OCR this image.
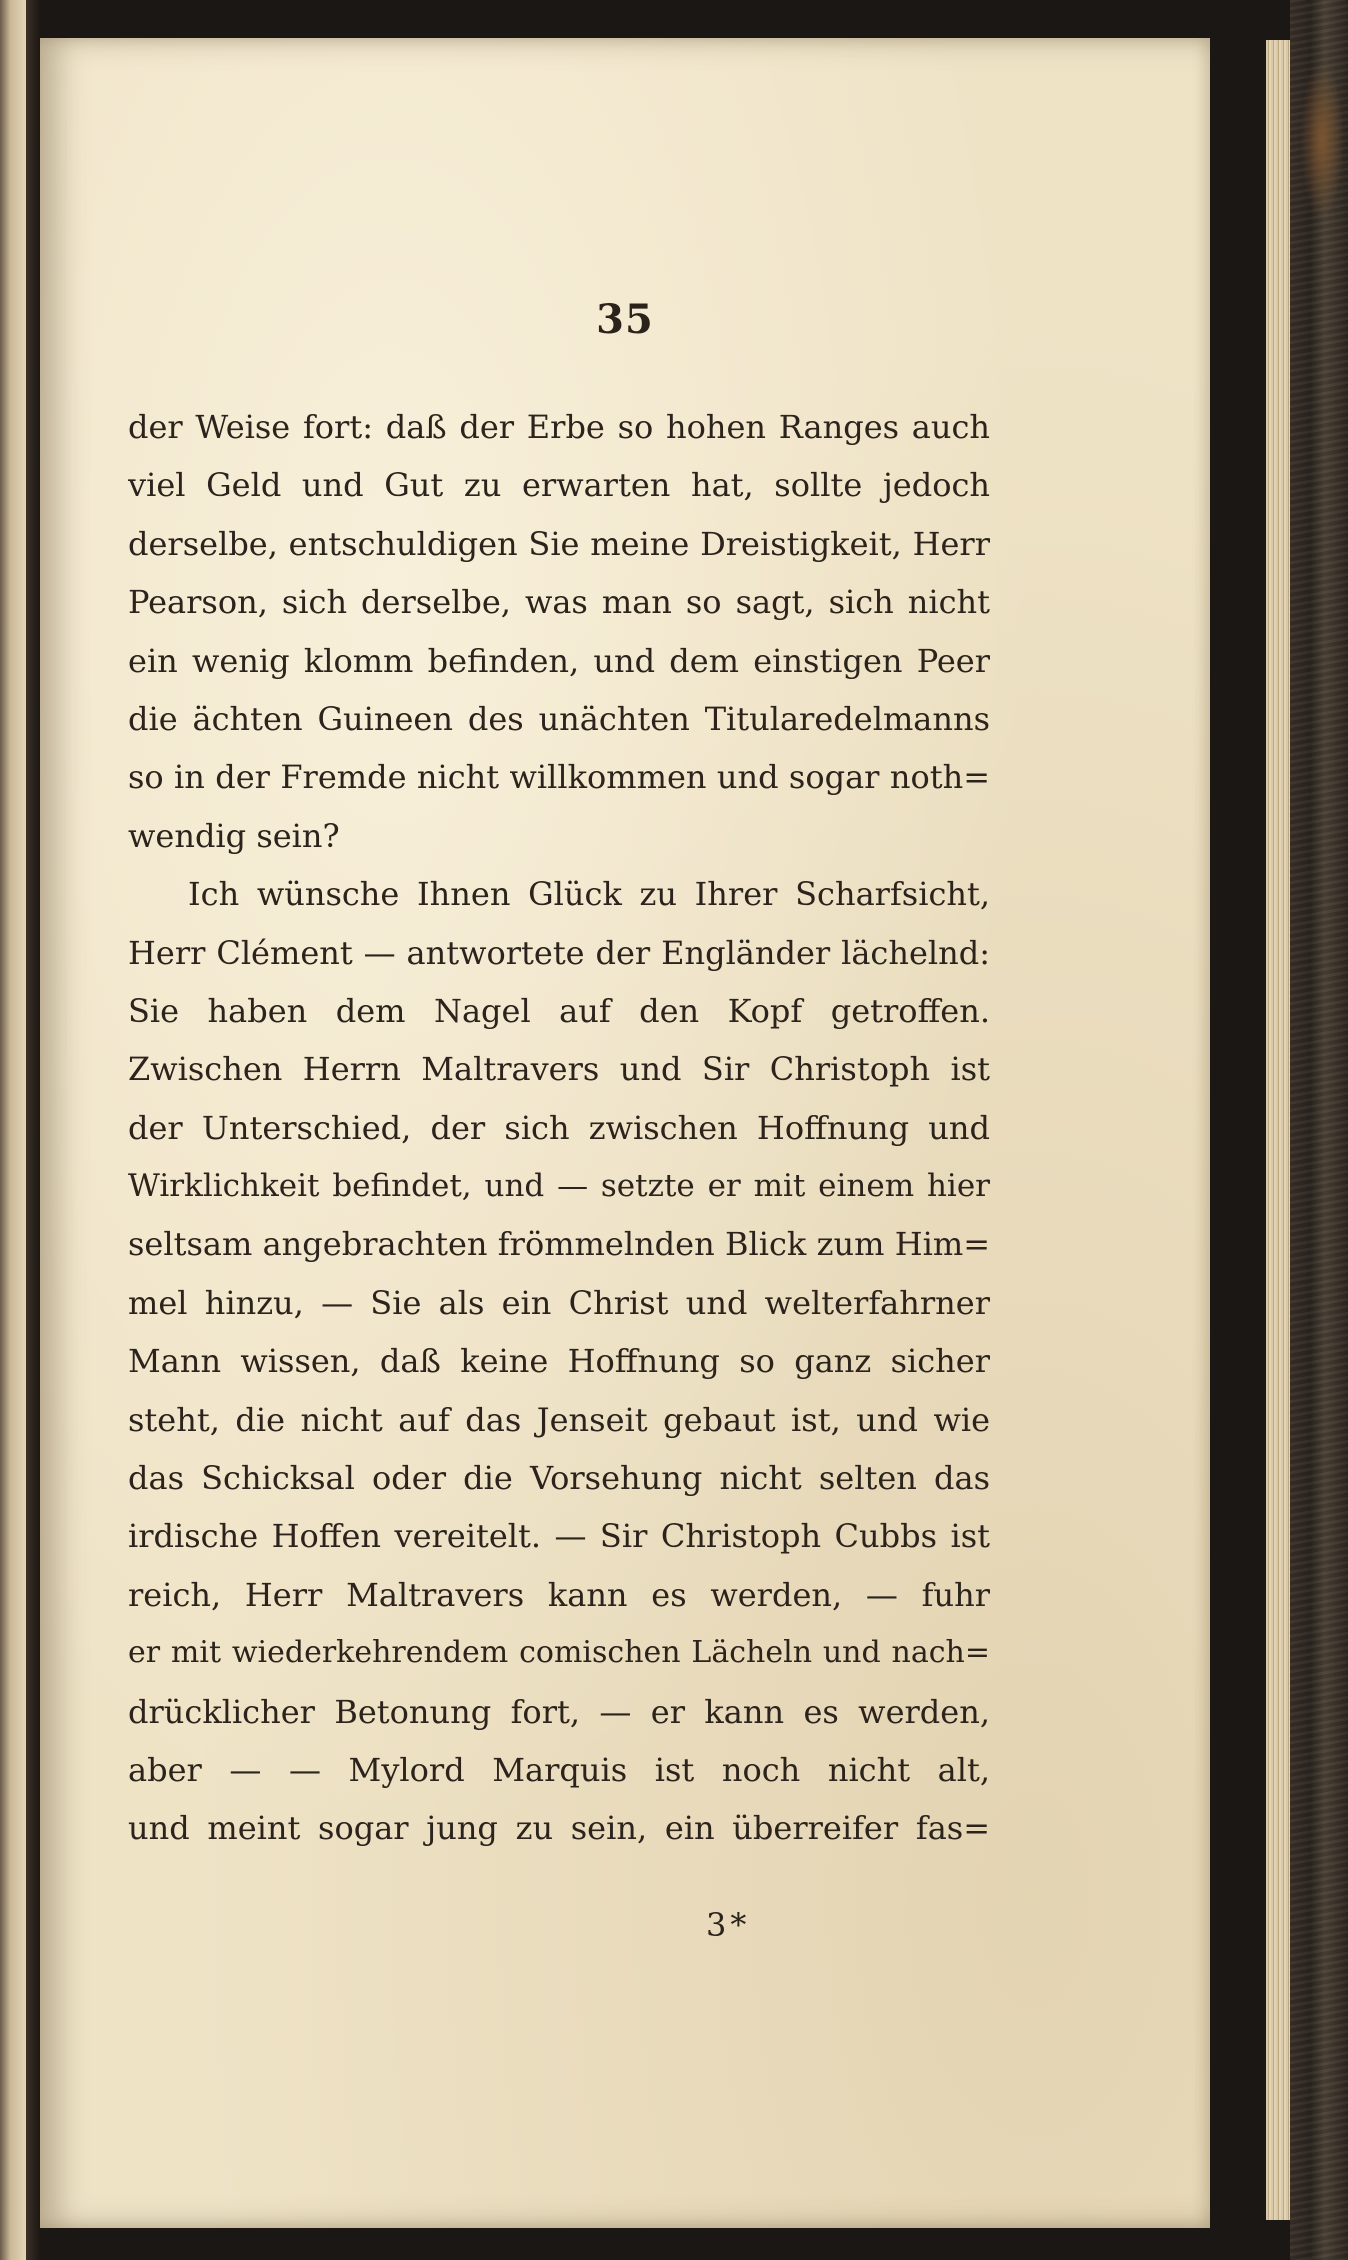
35
der Weise fort: daß der Erbe so hohen Ranges auch
viel Geld und Gut zu erwarten hat, sollte jedoch
derselbe, entschuldigen Sie meine Dreistigkeit, Herr
Pearson, sich derselbe, was man so sagt, sich nicht
ein wenig klomm befinden, und dem einstigen Peer
die ächten Guineen des unächten Titularedelmanns
so in der Fremde nicht willkommen und sogar noth=
wendig sein?
Ich wünsche Ihnen Glück zu Ihrer Scharfsicht,
Herr Clément — antwortete der Engländer lächelnd:
Sie haben dem Nagel auf den Kopf getroffen.
Zwischen Herrn Maltravers und Sir Christoph ist
der Unterschied, der sich zwischen Hoffnung und
Wirklichkeit befindet, und — setzte er mit einem hier
seltsam angebrachten frömmelnden Blick zum Him=
mel hinzu, — Sie als ein Christ und welterfahrner
Mann wissen, daß keine Hoffnung so ganz sicher
steht, die nicht auf das Jenseit gebaut ist, und wie
das Schicksal oder die Vorsehung nicht selten das
irdische Hoffen vereitelt. — Sir Christoph Cubbs ist
reich, Herr Maltravers kann es werden, — fuhr
er mit wiederkehrendem comischen Lächeln und nach=
drücklicher Betonung fort, — er kann es werden,
aber — — Mylord Marquis ist noch nicht alt,
und meint sogar jung zu sein, ein überreifer fas=
3*
